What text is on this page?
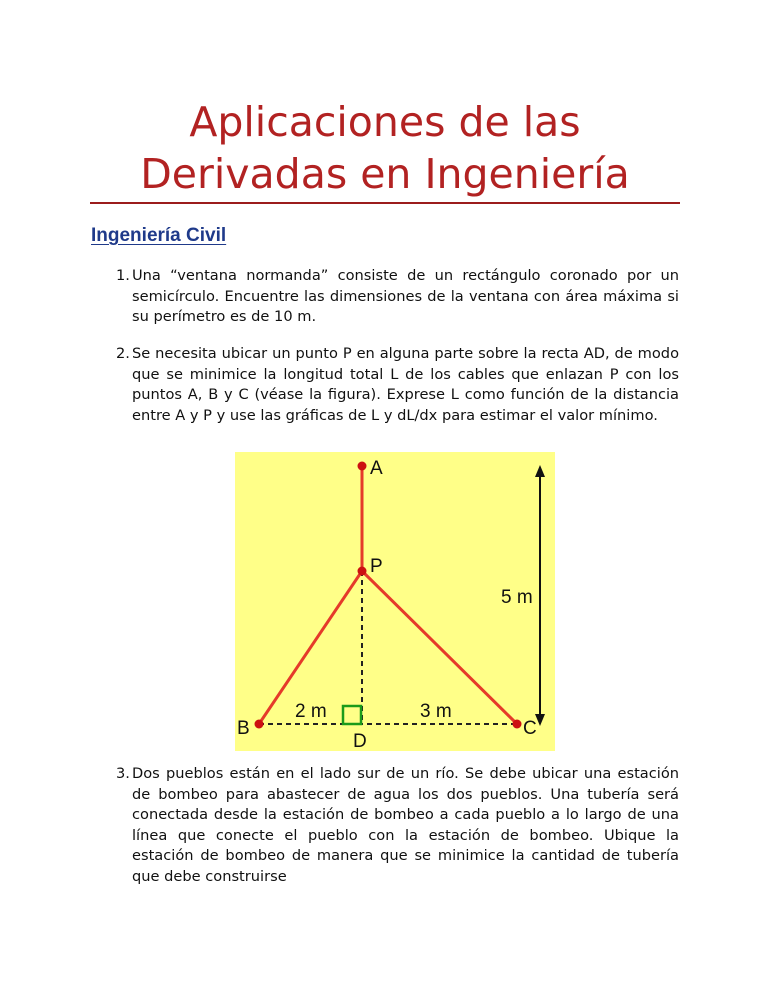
Aplicaciones de las
Derivadas en Ingeniería
Ingeniería Civil
1. Una “ventana normanda” consiste de un rectángulo coronado por un semicírculo. Encuentre las dimensiones de la ventana con área máxima si su perímetro es de 10 m.
2. Se necesita ubicar un punto P en alguna parte sobre la recta AD, de modo que se minimice la longitud total L de los cables que enlazan P con los puntos A, B y C (véase la figura). Exprese L como función de la distancia entre A y P y use las gráficas de L y dL/dx para estimar el valor mínimo.
A
P
B	C
D
5 m
2 m	3 m
3. Dos pueblos están en el lado sur de un río. Se debe ubicar una estación de bombeo para abastecer de agua los dos pueblos. Una tubería será conectada desde la estación de bombeo a cada pueblo a lo largo de una línea que conecte el pueblo con la estación de bombeo. Ubique la estación de bombeo de manera que se minimice la cantidad de tubería que debe construirse
